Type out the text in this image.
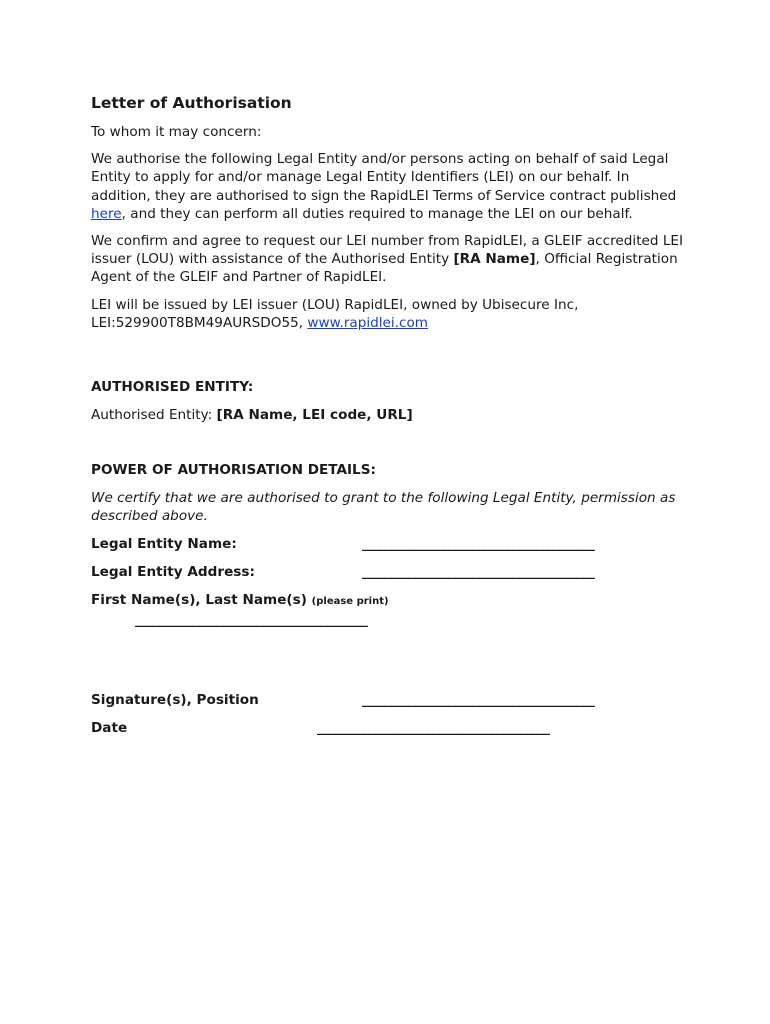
Letter of Authorisation

To whom it may concern:

We authorise the following Legal Entity and/or persons acting on behalf of said Legal Entity to apply for and/or manage Legal Entity Identifiers (LEI) on our behalf. In addition, they are authorised to sign the RapidLEI Terms of Service contract published here, and they can perform all duties required to manage the LEI on our behalf.

We confirm and agree to request our LEI number from RapidLEI, a GLEIF accredited LEI issuer (LOU) with assistance of the Authorised Entity [RA Name], Official Registration Agent of the GLEIF and Partner of RapidLEI.

LEI will be issued by LEI issuer (LOU) RapidLEI, owned by Ubisecure Inc, LEI:529900T8BM49AURSDO55, www.rapidlei.com

AUTHORISED ENTITY:

Authorised Entity: [RA Name, LEI code, URL]

POWER OF AUTHORISATION DETAILS:

We certify that we are authorised to grant to the following Legal Entity, permission as described above.

Legal Entity Name:	________________________________________
Legal Entity Address:	________________________________________
First Name(s), Last Name(s) (please print)
________________________________________
Signature(s), Position	________________________________________
Date	________________________________________
